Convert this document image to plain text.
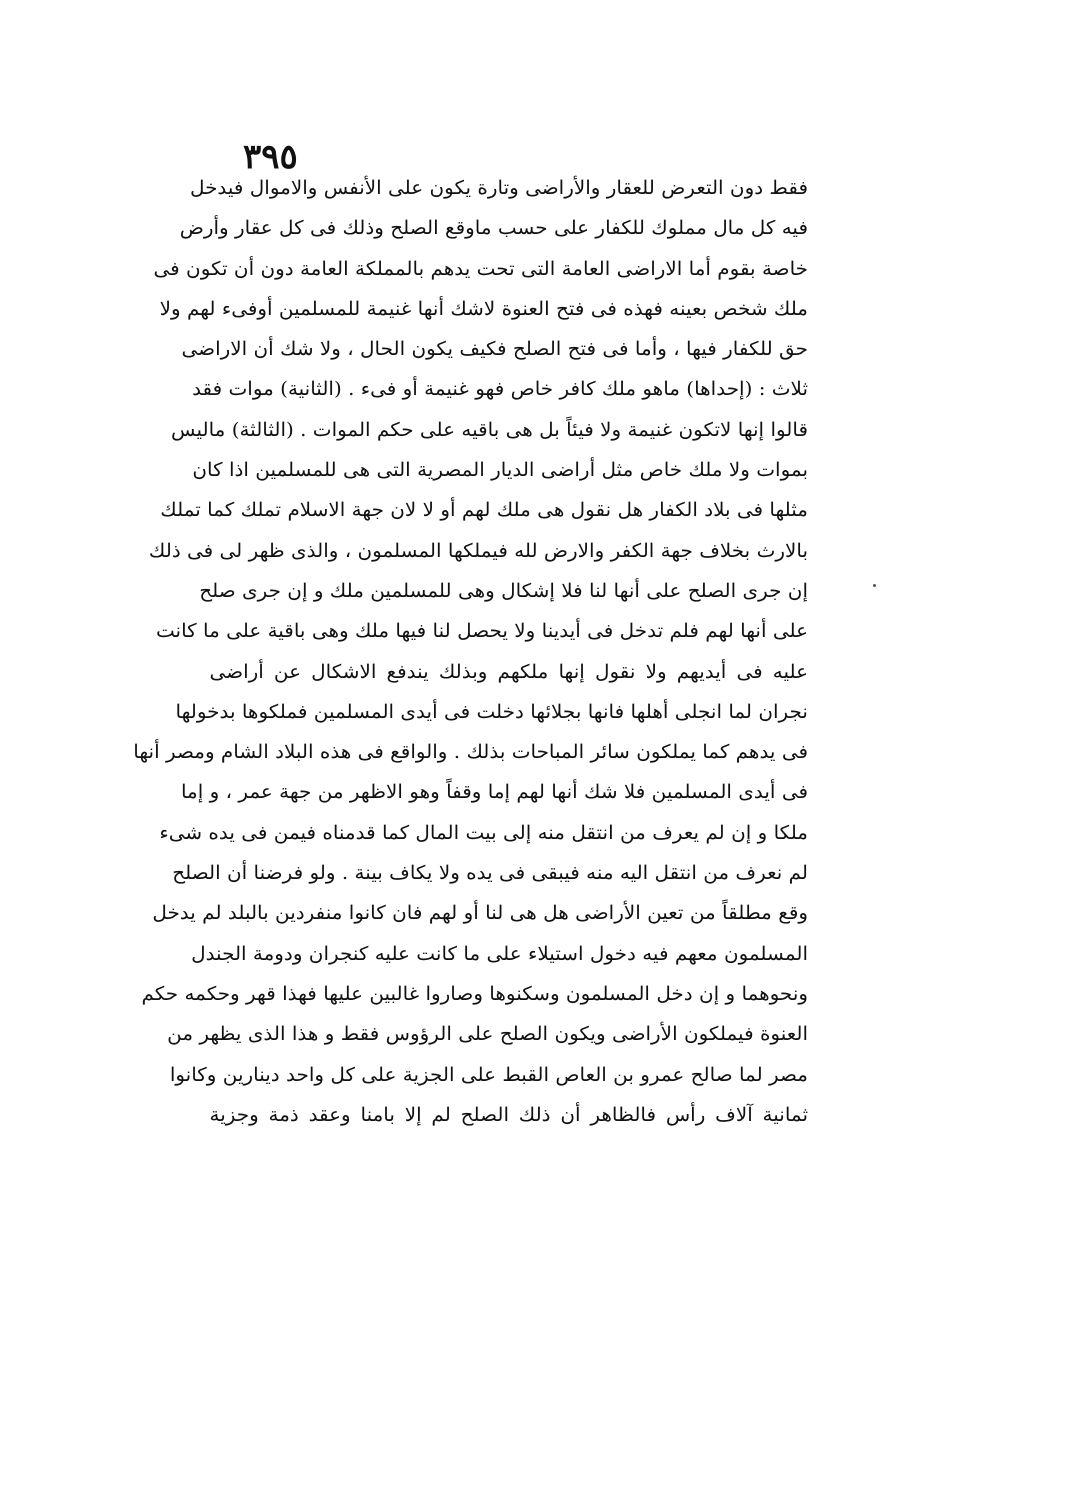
٣٩٥
فقط دون التعرض للعقار والأراضى وتارة يكون على الأنفس والاموال فيدخل
فيه كل مال مملوك للكفار على حسب ماوقع الصلح وذلك فى كل عقار وأرض
خاصة بقوم أما الاراضى العامة التى تحت يدهم بالمملكة العامة دون أن تكون فى
ملك شخص بعينه فهذه فى فتح العنوة لاشك أنها غنيمة للمسلمين أوفىء لهم ولا
حق للكفار فيها ، وأما فى فتح الصلح فكيف يكون الحال ، ولا شك أن الاراضى
ثلاث : (إحداها) ماهو ملك كافر خاص فهو غنيمة أو فىء . (الثانية) موات فقد
قالوا إنها لاتكون غنيمة ولا فيئاً بل هى باقيه على حكم الموات . (الثالثة) ماليس
بموات ولا ملك خاص مثل أراضى الديار المصرية التى هى للمسلمين اذا كان
مثلها فى بلاد الكفار هل نقول هى ملك لهم أو لا لان جهة الاسلام تملك كما تملك
بالارث بخلاف جهة الكفر والارض لله فيملكها المسلمون ، والذى ظهر لى فى ذلك
إن جرى الصلح على أنها لنا فلا إشكال وهى للمسلمين ملك و إن جرى صلح
على أنها لهم فلم تدخل فى أيدينا ولا يحصل لنا فيها ملك وهى باقية على ما كانت
عليه فى أيديهم ولا نقول إنها ملكهم وبذلك يندفع الاشكال عن أراضى
نجران لما انجلى أهلها فانها بجلائها دخلت فى أيدى المسلمين فملكوها بدخولها
فى يدهم كما يملكون سائر المباحات بذلك . والواقع فى هذه البلاد الشام ومصر أنها
فى أيدى المسلمين فلا شك أنها لهم إما وقفاً وهو الاظهر من جهة عمر ، و إما
ملكا و إن لم يعرف من انتقل منه إلى بيت المال كما قدمناه فيمن فى يده شىء
لم نعرف من انتقل اليه منه فيبقى فى يده ولا يكاف بينة . ولو فرضنا أن الصلح
وقع مطلقاً من تعين الأراضى هل هى لنا أو لهم فان كانوا منفردين بالبلد لم يدخل
المسلمون معهم فيه دخول استيلاء على ما كانت عليه كنجران ودومة الجندل
ونحوهما و إن دخل المسلمون وسكنوها وصاروا غالبين عليها فهذا قهر وحكمه حكم
العنوة فيملكون الأراضى ويكون الصلح على الرؤوس فقط و هذا الذى يظهر من
مصر لما صالح عمرو بن العاص القبط على الجزية على كل واحد دينارين وكانوا
ثمانية آلاف رأس فالظاهر أن ذلك الصلح لم إلا بامنا وعقد ذمة وجزية
